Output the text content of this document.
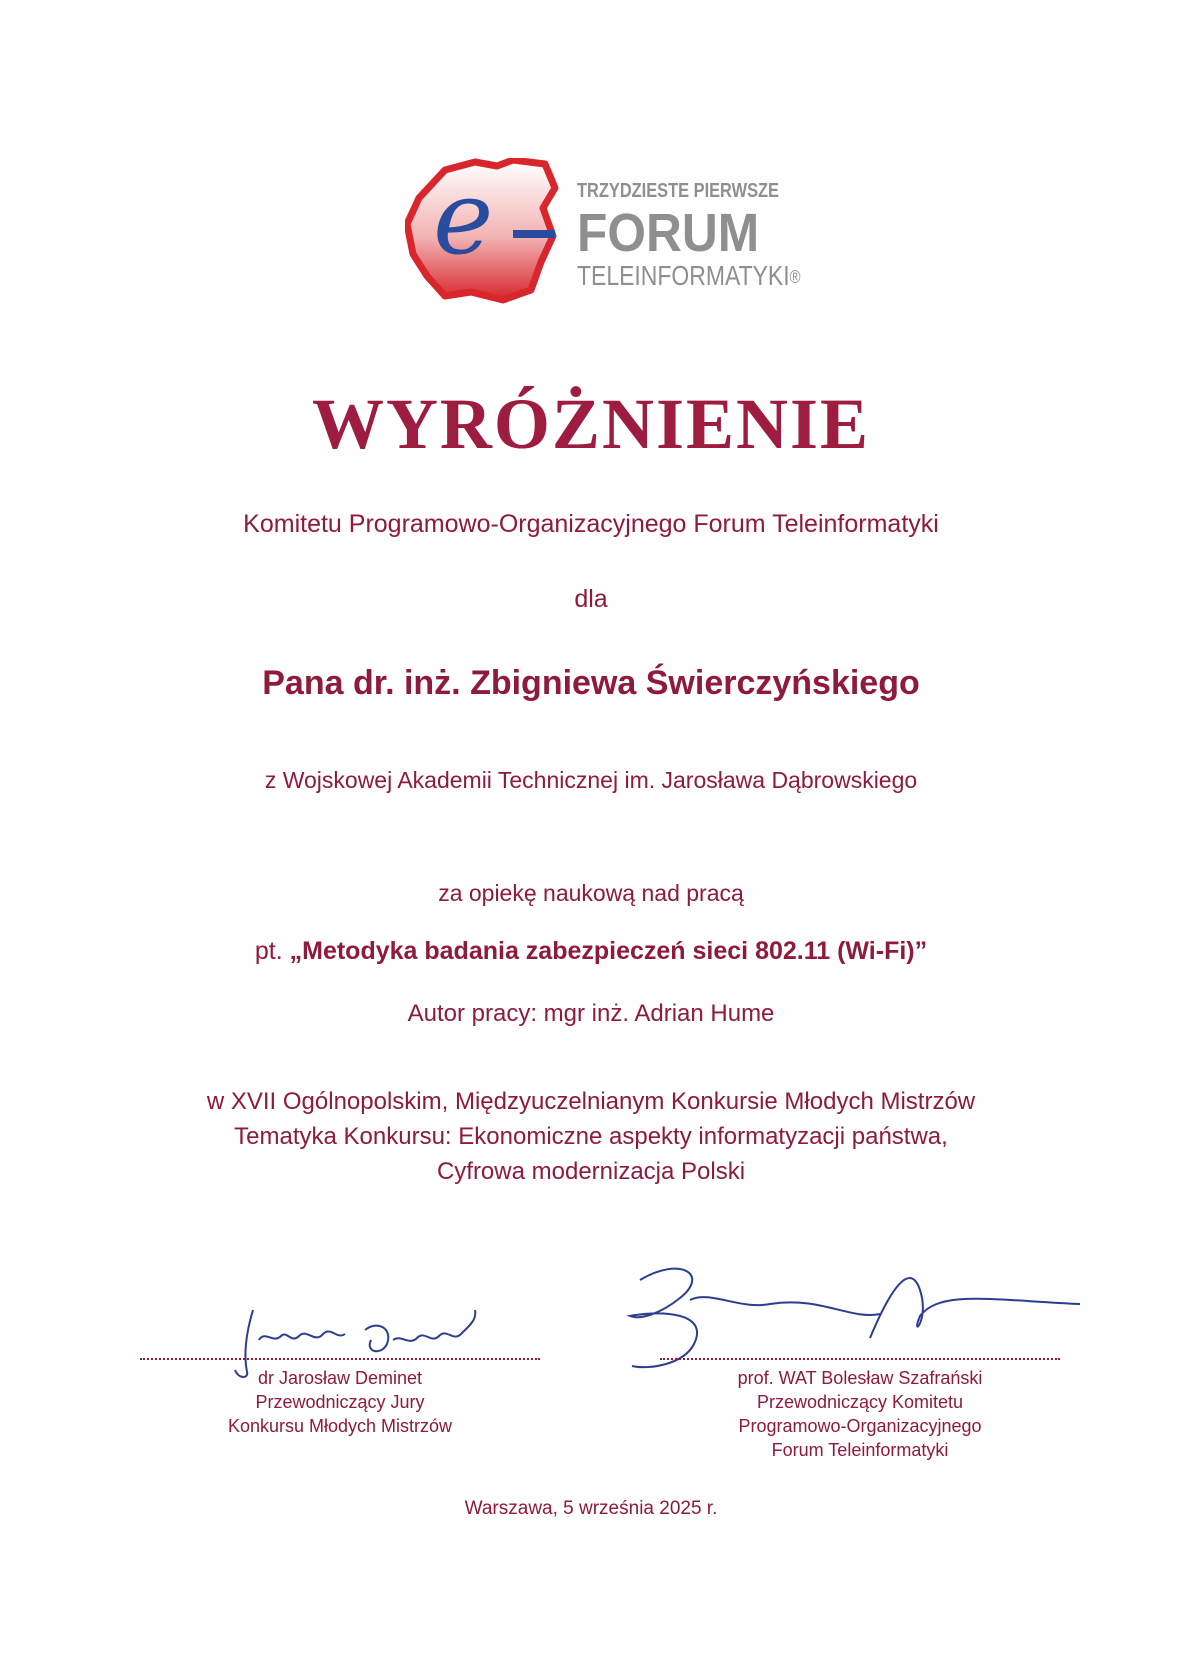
e	TRZYDZIESTE PIERWSZE
FORUM
TELEINFORMATYKI®
WYRÓŻNIENIE
Komitetu Programowo-Organizacyjnego Forum Teleinformatyki
dla
Pana dr. inż. Zbigniewa Świerczyńskiego
z Wojskowej Akademii Technicznej im. Jarosława Dąbrowskiego
za opiekę naukową nad pracą
pt. „Metodyka badania zabezpieczeń sieci 802.11 (Wi-Fi)”
Autor pracy: mgr inż. Adrian Hume
w XVII Ogólnopolskim, Międzyuczelnianym Konkursie Młodych Mistrzów
Tematyka Konkursu: Ekonomiczne aspekty informatyzacji państwa,
Cyfrowa modernizacja Polski
dr Jarosław Deminet
Przewodniczący Jury
Konkursu Młodych Mistrzów
prof. WAT Bolesław Szafrański
Przewodniczący Komitetu
Programowo-Organizacyjnego
Forum Teleinformatyki
Warszawa, 5 września 2025 r.
